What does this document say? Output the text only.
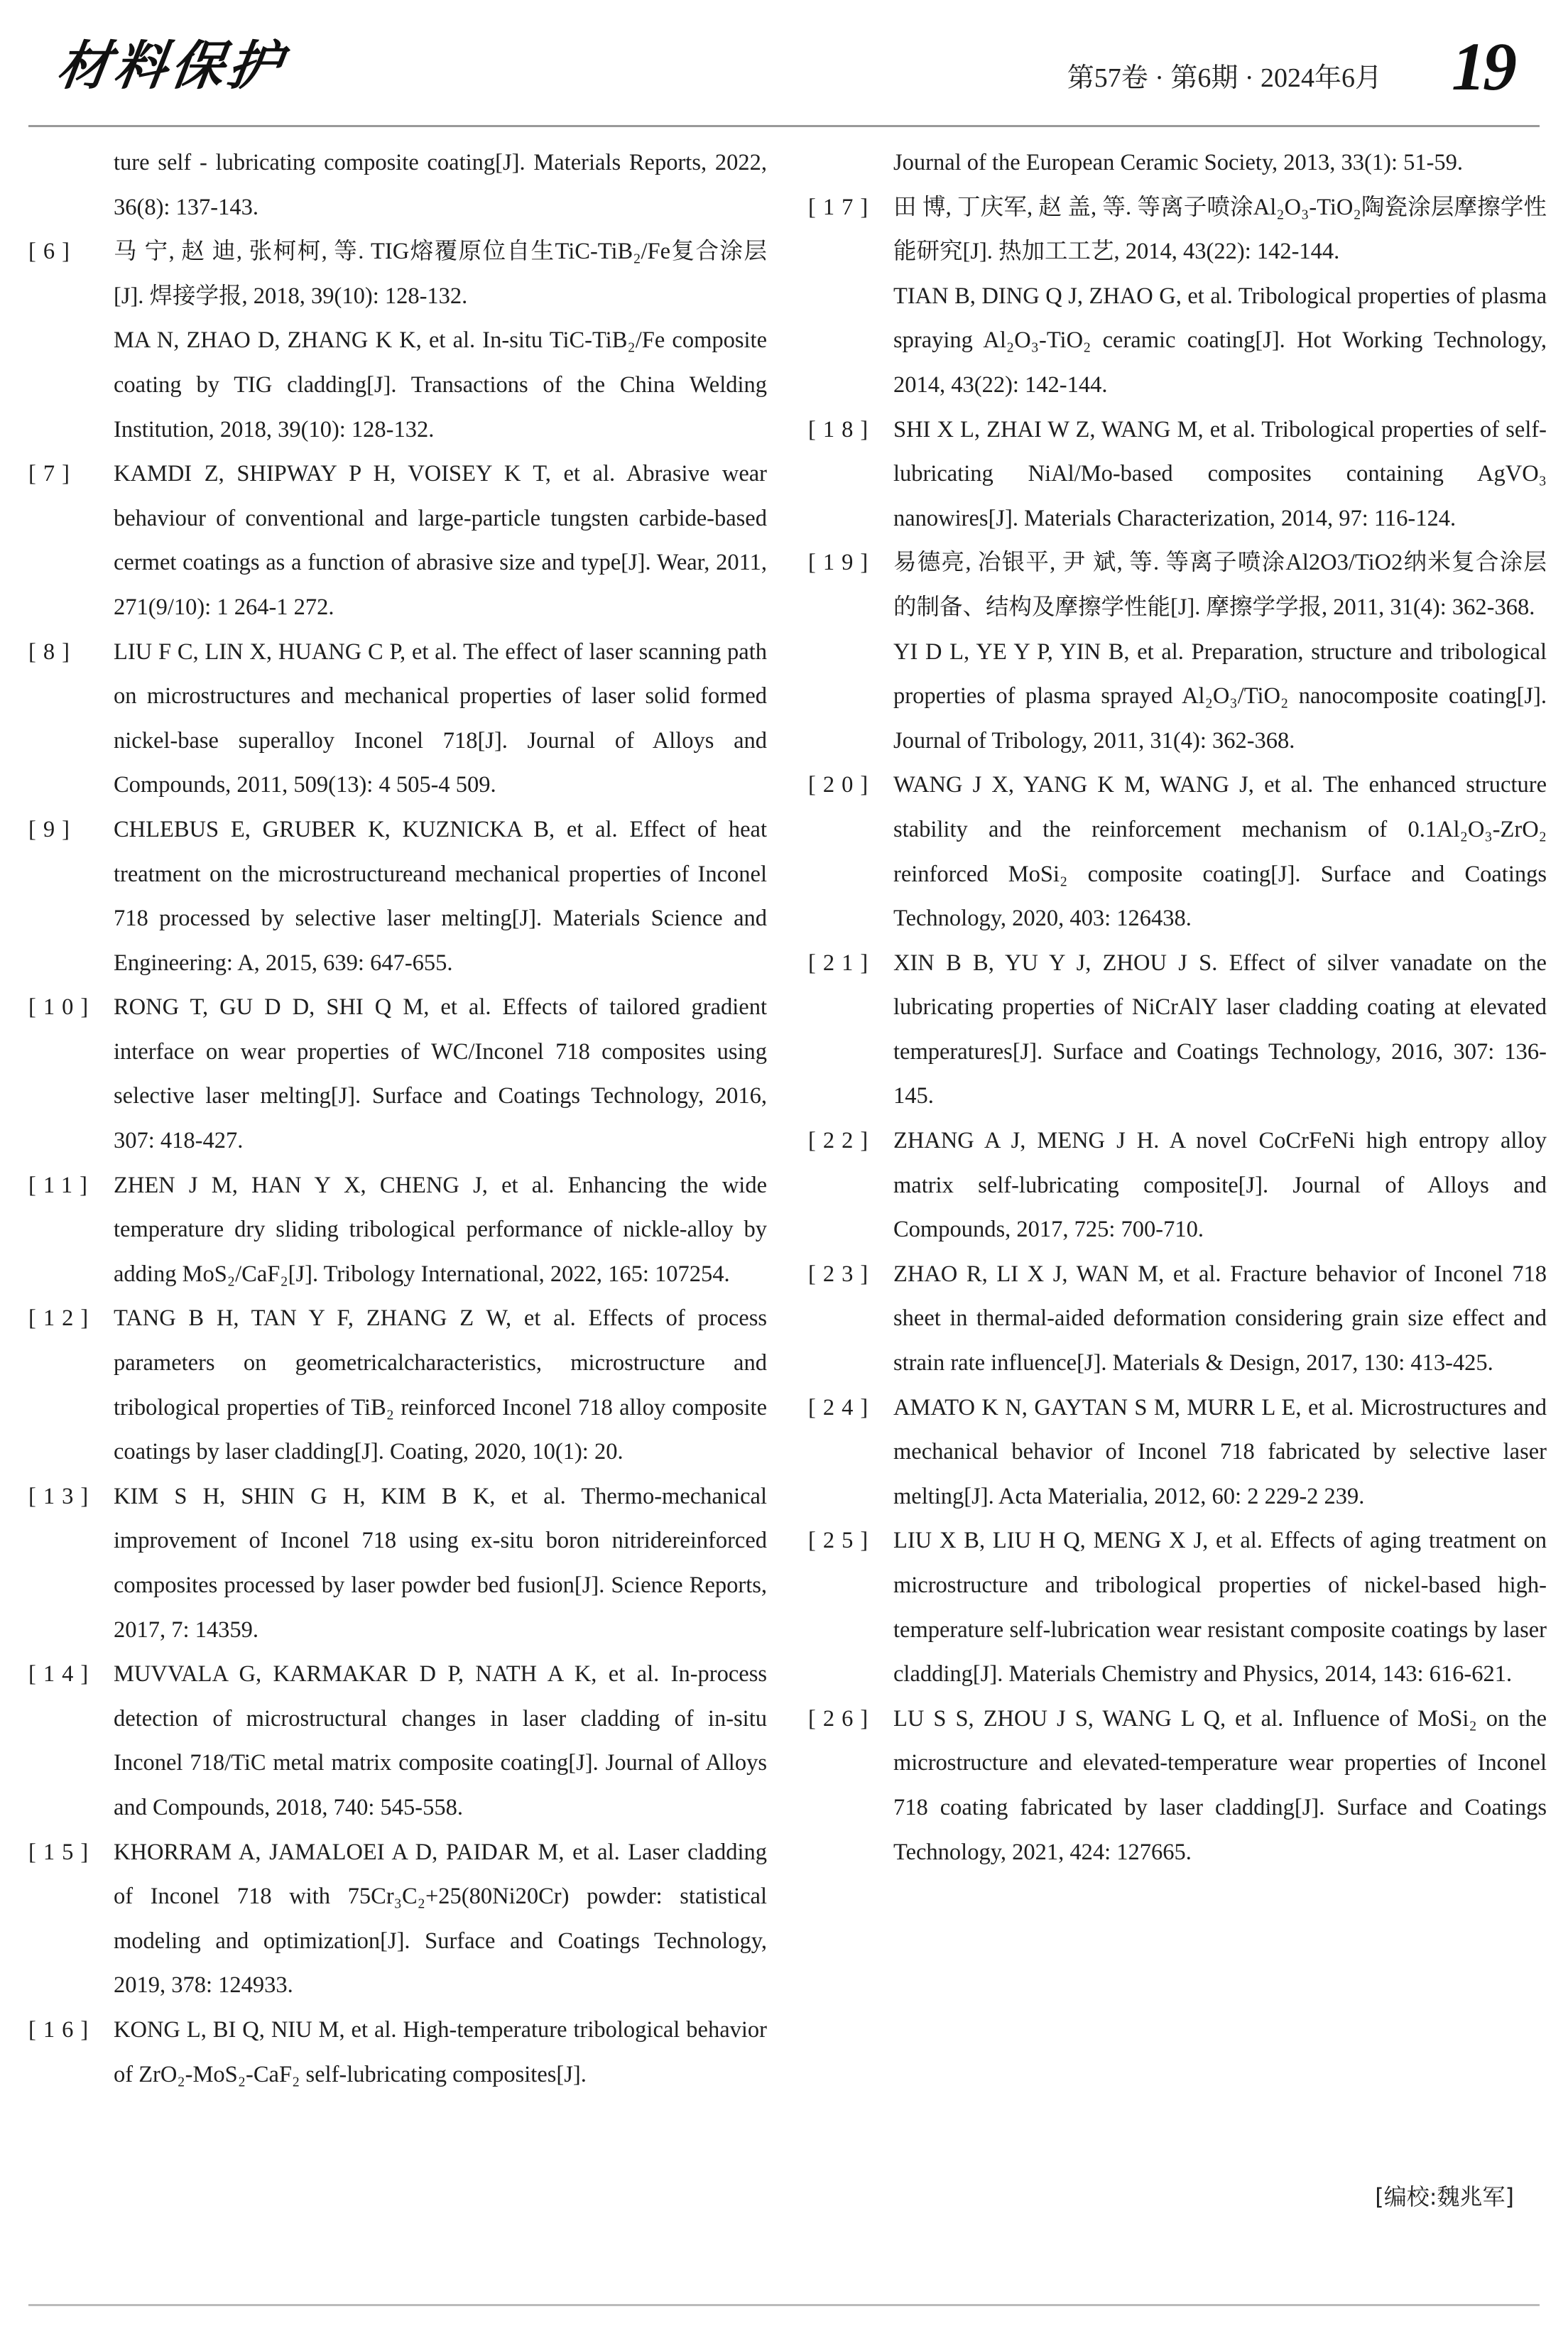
材料保护	第57卷 · 第6期 · 2024年6月 19
ture self - lubricating composite coating[J]. Materials Reports, 2022, 36(8): 137-143.
[6]	马 宁, 赵 迪, 张柯柯, 等. TIG熔覆原位自生TiC-TiB₂/Fe复合涂层[J]. 焊接学报, 2018, 39(10): 128-132.
MA N, ZHAO D, ZHANG K K, et al. In-situ TiC-TiB₂/Fe composite coating by TIG cladding[J]. Transactions of the China Welding Institution, 2018, 39(10): 128-132.
[7]	KAMDI Z, SHIPWAY P H, VOISEY K T, et al. Abrasive wear behaviour of conventional and large-particle tungsten carbide-based cermet coatings as a function of abrasive size and type[J]. Wear, 2011, 271(9/10): 1 264-1 272.
[8]	LIU F C, LIN X, HUANG C P, et al. The effect of laser scanning path on microstructures and mechanical properties of laser solid formed nickel-base superalloy Inconel 718[J]. Journal of Alloys and Compounds, 2011, 509(13): 4 505-4 509.
[9]	CHLEBUS E, GRUBER K, KUZNICKA B, et al. Effect of heat treatment on the microstructureand mechanical properties of Inconel 718 processed by selective laser melting[J]. Materials Science and Engineering: A, 2015, 639: 647-655.
[10] RONG T, GU D D, SHI Q M, et al. Effects of tailored gradient interface on wear properties of WC/Inconel 718 composites using selective laser melting[J]. Surface and Coatings Technology, 2016, 307: 418-427.
[11] ZHEN J M, HAN Y X, CHENG J, et al. Enhancing the wide temperature dry sliding tribological performance of nickle-alloy by adding MoS₂/CaF₂[J]. Tribology International, 2022, 165: 107254.
[12] TANG B H, TAN Y F, ZHANG Z W, et al. Effects of process parameters on geometricalcharacteristics, microstructure and tribological properties of TiB₂ reinforced Inconel 718 alloy composite coatings by laser cladding[J]. Coating, 2020, 10(1): 20.
[13] KIM S H, SHIN G H, KIM B K, et al. Thermo-mechanical improvement of Inconel 718 using ex-situ boron nitridereinforced composites processed by laser powder bed fusion[J]. Science Reports, 2017, 7: 14359.
[14] MUVVALA G, KARMAKAR D P, NATH A K, et al. In-process detection of microstructural changes in laser cladding of in-situ Inconel 718/TiC metal matrix composite coating[J]. Journal of Alloys and Compounds, 2018, 740: 545-558.
[15] KHORRAM A, JAMALOEI A D, PAIDAR M, et al. Laser cladding of Inconel 718 with 75Cr₃C₂+25(80Ni20Cr) powder: statistical modeling and optimization[J]. Surface and Coatings Technology, 2019, 378: 124933.
[16] KONG L, BI Q, NIU M, et al. High-temperature tribological behavior of ZrO₂-MoS₂-CaF₂ self-lubricating composites[J].
Journal of the European Ceramic Society, 2013, 33(1): 51-59.
[17] 田 博, 丁庆军, 赵 盖, 等. 等离子喷涂Al₂O₃-TiO₂陶瓷涂层摩擦学性能研究[J]. 热加工工艺, 2014, 43(22): 142-144.
TIAN B, DING Q J, ZHAO G, et al. Tribological properties of plasma spraying Al₂O₃-TiO₂ ceramic coating[J]. Hot Working Technology, 2014, 43(22): 142-144.
[18] SHI X L, ZHAI W Z, WANG M, et al. Tribological properties of self-lubricating NiAl/Mo-based composites containing AgVO₃ nanowires[J]. Materials Characterization, 2014, 97: 116-124.
[19] 易德亮, 冶银平, 尹 斌, 等. 等离子喷涂Al2O3/TiO2纳米复合涂层的制备、结构及摩擦学性能[J]. 摩擦学学报, 2011, 31(4): 362-368.
YI D L, YE Y P, YIN B, et al. Preparation, structure and tribological properties of plasma sprayed Al₂O₃/TiO₂ nanocomposite coating[J]. Journal of Tribology, 2011, 31(4): 362-368.
[20] WANG J X, YANG K M, WANG J, et al. The enhanced structure stability and the reinforcement mechanism of 0.1Al₂O₃-ZrO₂ reinforced MoSi₂ composite coating[J]. Surface and Coatings Technology, 2020, 403: 126438.
[21] XIN B B, YU Y J, ZHOU J S. Effect of silver vanadate on the lubricating properties of NiCrAlY laser cladding coating at elevated temperatures[J]. Surface and Coatings Technology, 2016, 307: 136-145.
[22] ZHANG A J, MENG J H. A novel CoCrFeNi high entropy alloy matrix self-lubricating composite[J]. Journal of Alloys and Compounds, 2017, 725: 700-710.
[23] ZHAO R, LI X J, WAN M, et al. Fracture behavior of Inconel 718 sheet in thermal-aided deformation considering grain size effect and strain rate influence[J]. Materials & Design, 2017, 130: 413-425.
[24] AMATO K N, GAYTAN S M, MURR L E, et al. Microstructures and mechanical behavior of Inconel 718 fabricated by selective laser melting[J]. Acta Materialia, 2012, 60: 2 229-2 239.
[25] LIU X B, LIU H Q, MENG X J, et al. Effects of aging treatment on microstructure and tribological properties of nickel-based high-temperature self-lubrication wear resistant composite coatings by laser cladding[J]. Materials Chemistry and Physics, 2014, 143: 616-621.
[26] LU S S, ZHOU J S, WANG L Q, et al. Influence of MoSi₂ on the microstructure and elevated-temperature wear properties of Inconel 718 coating fabricated by laser cladding[J]. Surface and Coatings Technology, 2021, 424: 127665.
[编校:魏兆军]
